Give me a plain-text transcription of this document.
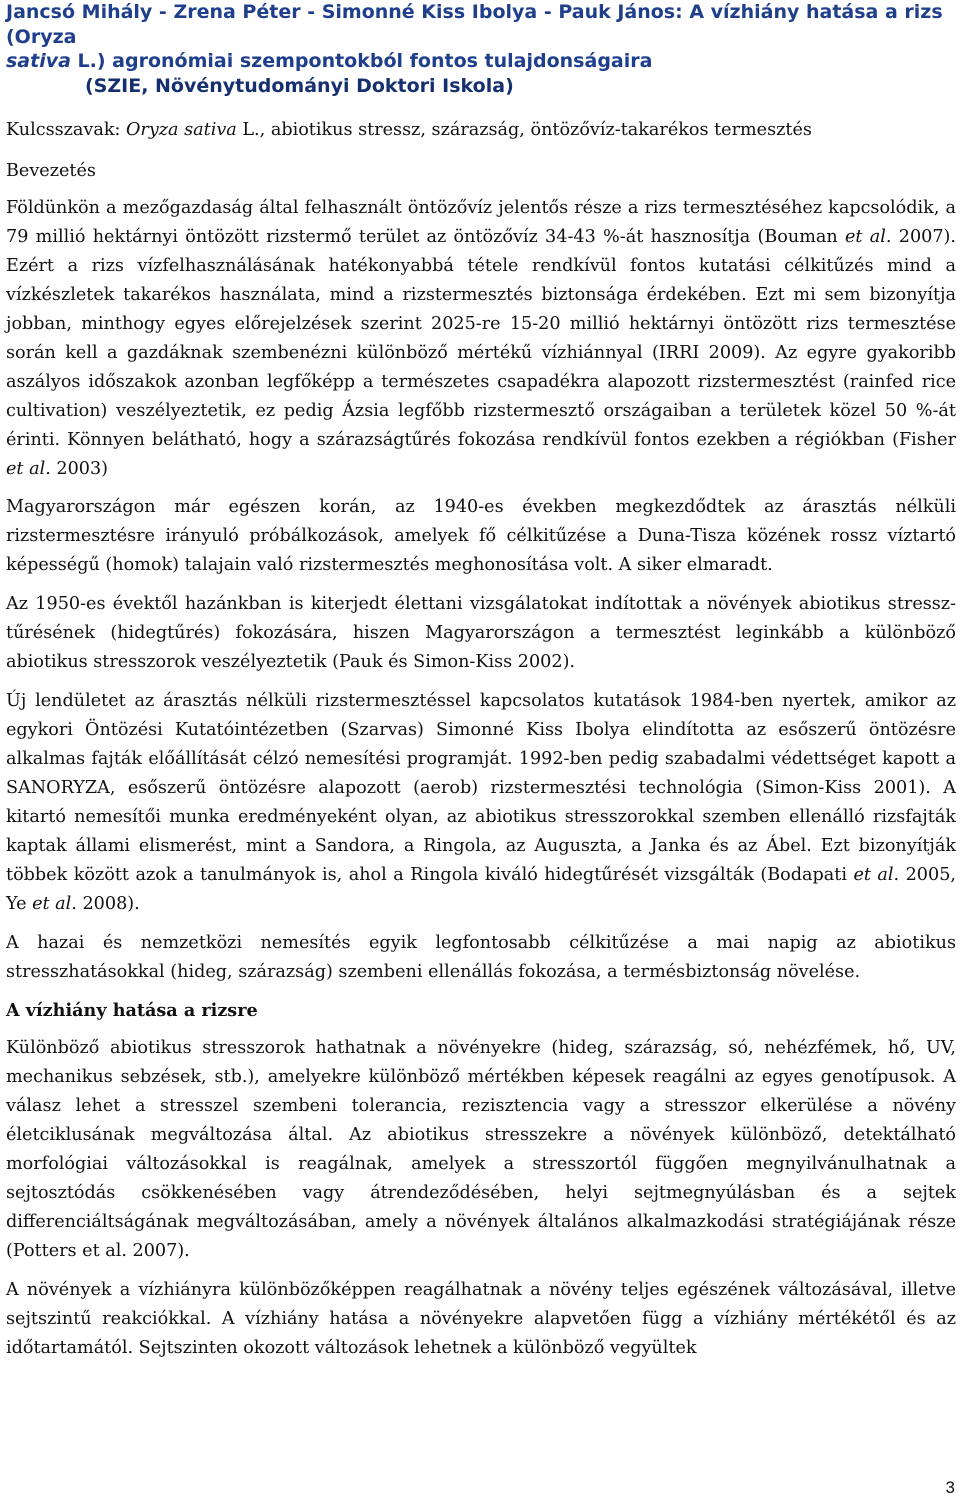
Jancsó Mihály - Zrena Péter - Simonné Kiss Ibolya - Pauk János: A vízhiány hatása a rizs (Oryza
sativa L.) agronómiai szempontokból fontos tulajdonságaira
(SZIE, Növénytudományi Doktori Iskola)

Kulcsszavak: Oryza sativa L., abiotikus stressz, szárazság, öntözővíz-takarékos termesztés

Bevezetés

Földünkön a mezőgazdaság által felhasznált öntözővíz jelentős része a rizs termesztéséhez kapcsolódik, a 79 millió hektárnyi öntözött rizstermő terület az öntözővíz 34-43 %-át hasznosítja (Bouman et al. 2007). Ezért a rizs vízfelhasználásának hatékonyabbá tétele rendkívül fontos kutatási célkitűzés mind a vízkészletek takarékos használata, mind a rizstermesztés biztonsága érdekében. Ezt mi sem bizonyítja jobban, minthogy egyes előrejelzések szerint 2025-re 15-20 millió hektárnyi öntözött rizs termesztése során kell a gazdáknak szembenézni különböző mértékű vízhiánnyal (IRRI 2009). Az egyre gyakoribb aszályos időszakok azonban legfőképp a természetes csapadékra alapozott rizstermesztést (rainfed rice cultivation) veszélyeztetik, ez pedig Ázsia legfőbb rizstermesztő országaiban a területek közel 50 %-át érinti. Könnyen belátható, hogy a szárazságtűrés fokozása rendkívül fontos ezekben a régiókban (Fisher et al. 2003)

Magyarországon már egészen korán, az 1940-es években megkezdődtek az árasztás nélküli rizstermesztésre irányuló próbálkozások, amelyek fő célkitűzése a Duna-Tisza közének rossz víztartó képességű (homok) talajain való rizstermesztés meghonosítása volt. A siker elmaradt.

Az 1950-es évektől hazánkban is kiterjedt élettani vizsgálatokat indítottak a növények abiotikus stressz-tűrésének (hidegtűrés) fokozására, hiszen Magyarországon a termesztést leginkább a különböző abiotikus stresszorok veszélyeztetik (Pauk és Simon-Kiss 2002).

Új lendületet az árasztás nélküli rizstermesztéssel kapcsolatos kutatások 1984-ben nyertek, amikor az egykori Öntözési Kutatóintézetben (Szarvas) Simonné Kiss Ibolya elindította az esőszerű öntözésre alkalmas fajták előállítását célzó nemesítési programját. 1992-ben pedig szabadalmi védettséget kapott a SANORYZA, esőszerű öntözésre alapozott (aerob) rizstermesztési technológia (Simon-Kiss 2001). A kitartó nemesítői munka eredményeként olyan, az abiotikus stresszorokkal szemben ellenálló rizsfajták kaptak állami elismerést, mint a Sandora, a Ringola, az Auguszta, a Janka és az Ábel. Ezt bizonyítják többek között azok a tanulmányok is, ahol a Ringola kiváló hidegtűrését vizsgálták (Bodapati et al. 2005, Ye et al. 2008).

A hazai és nemzetközi nemesítés egyik legfontosabb célkitűzése a mai napig az abiotikus stresszhatásokkal (hideg, szárazság) szembeni ellenállás fokozása, a termésbiztonság növelése.

A vízhiány hatása a rizsre

Különböző abiotikus stresszorok hathatnak a növényekre (hideg, szárazság, só, nehézfémek, hő, UV, mechanikus sebzések, stb.), amelyekre különböző mértékben képesek reagálni az egyes genotípusok. A válasz lehet a stresszel szembeni tolerancia, rezisztencia vagy a stresszor elkerülése a növény életciklusának megváltozása által. Az abiotikus stresszekre a növények különböző, detektálható morfológiai változásokkal is reagálnak, amelyek a stresszortól függően megnyilvánulhatnak a sejtosztódás csökkenésében vagy átrendeződésében, helyi sejtmegnyúlásban és a sejtek differenciáltságának megváltozásában, amely a növények általános alkalmazkodási stratégiájának része (Potters et al. 2007).

A növények a vízhiányra különbözőképpen reagálhatnak a növény teljes egészének változásával, illetve sejtszintű reakciókkal. A vízhiány hatása a növényekre alapvetően függ a vízhiány mértékétől és az időtartamától. Sejtszinten okozott változások lehetnek a különböző vegyültek

3
